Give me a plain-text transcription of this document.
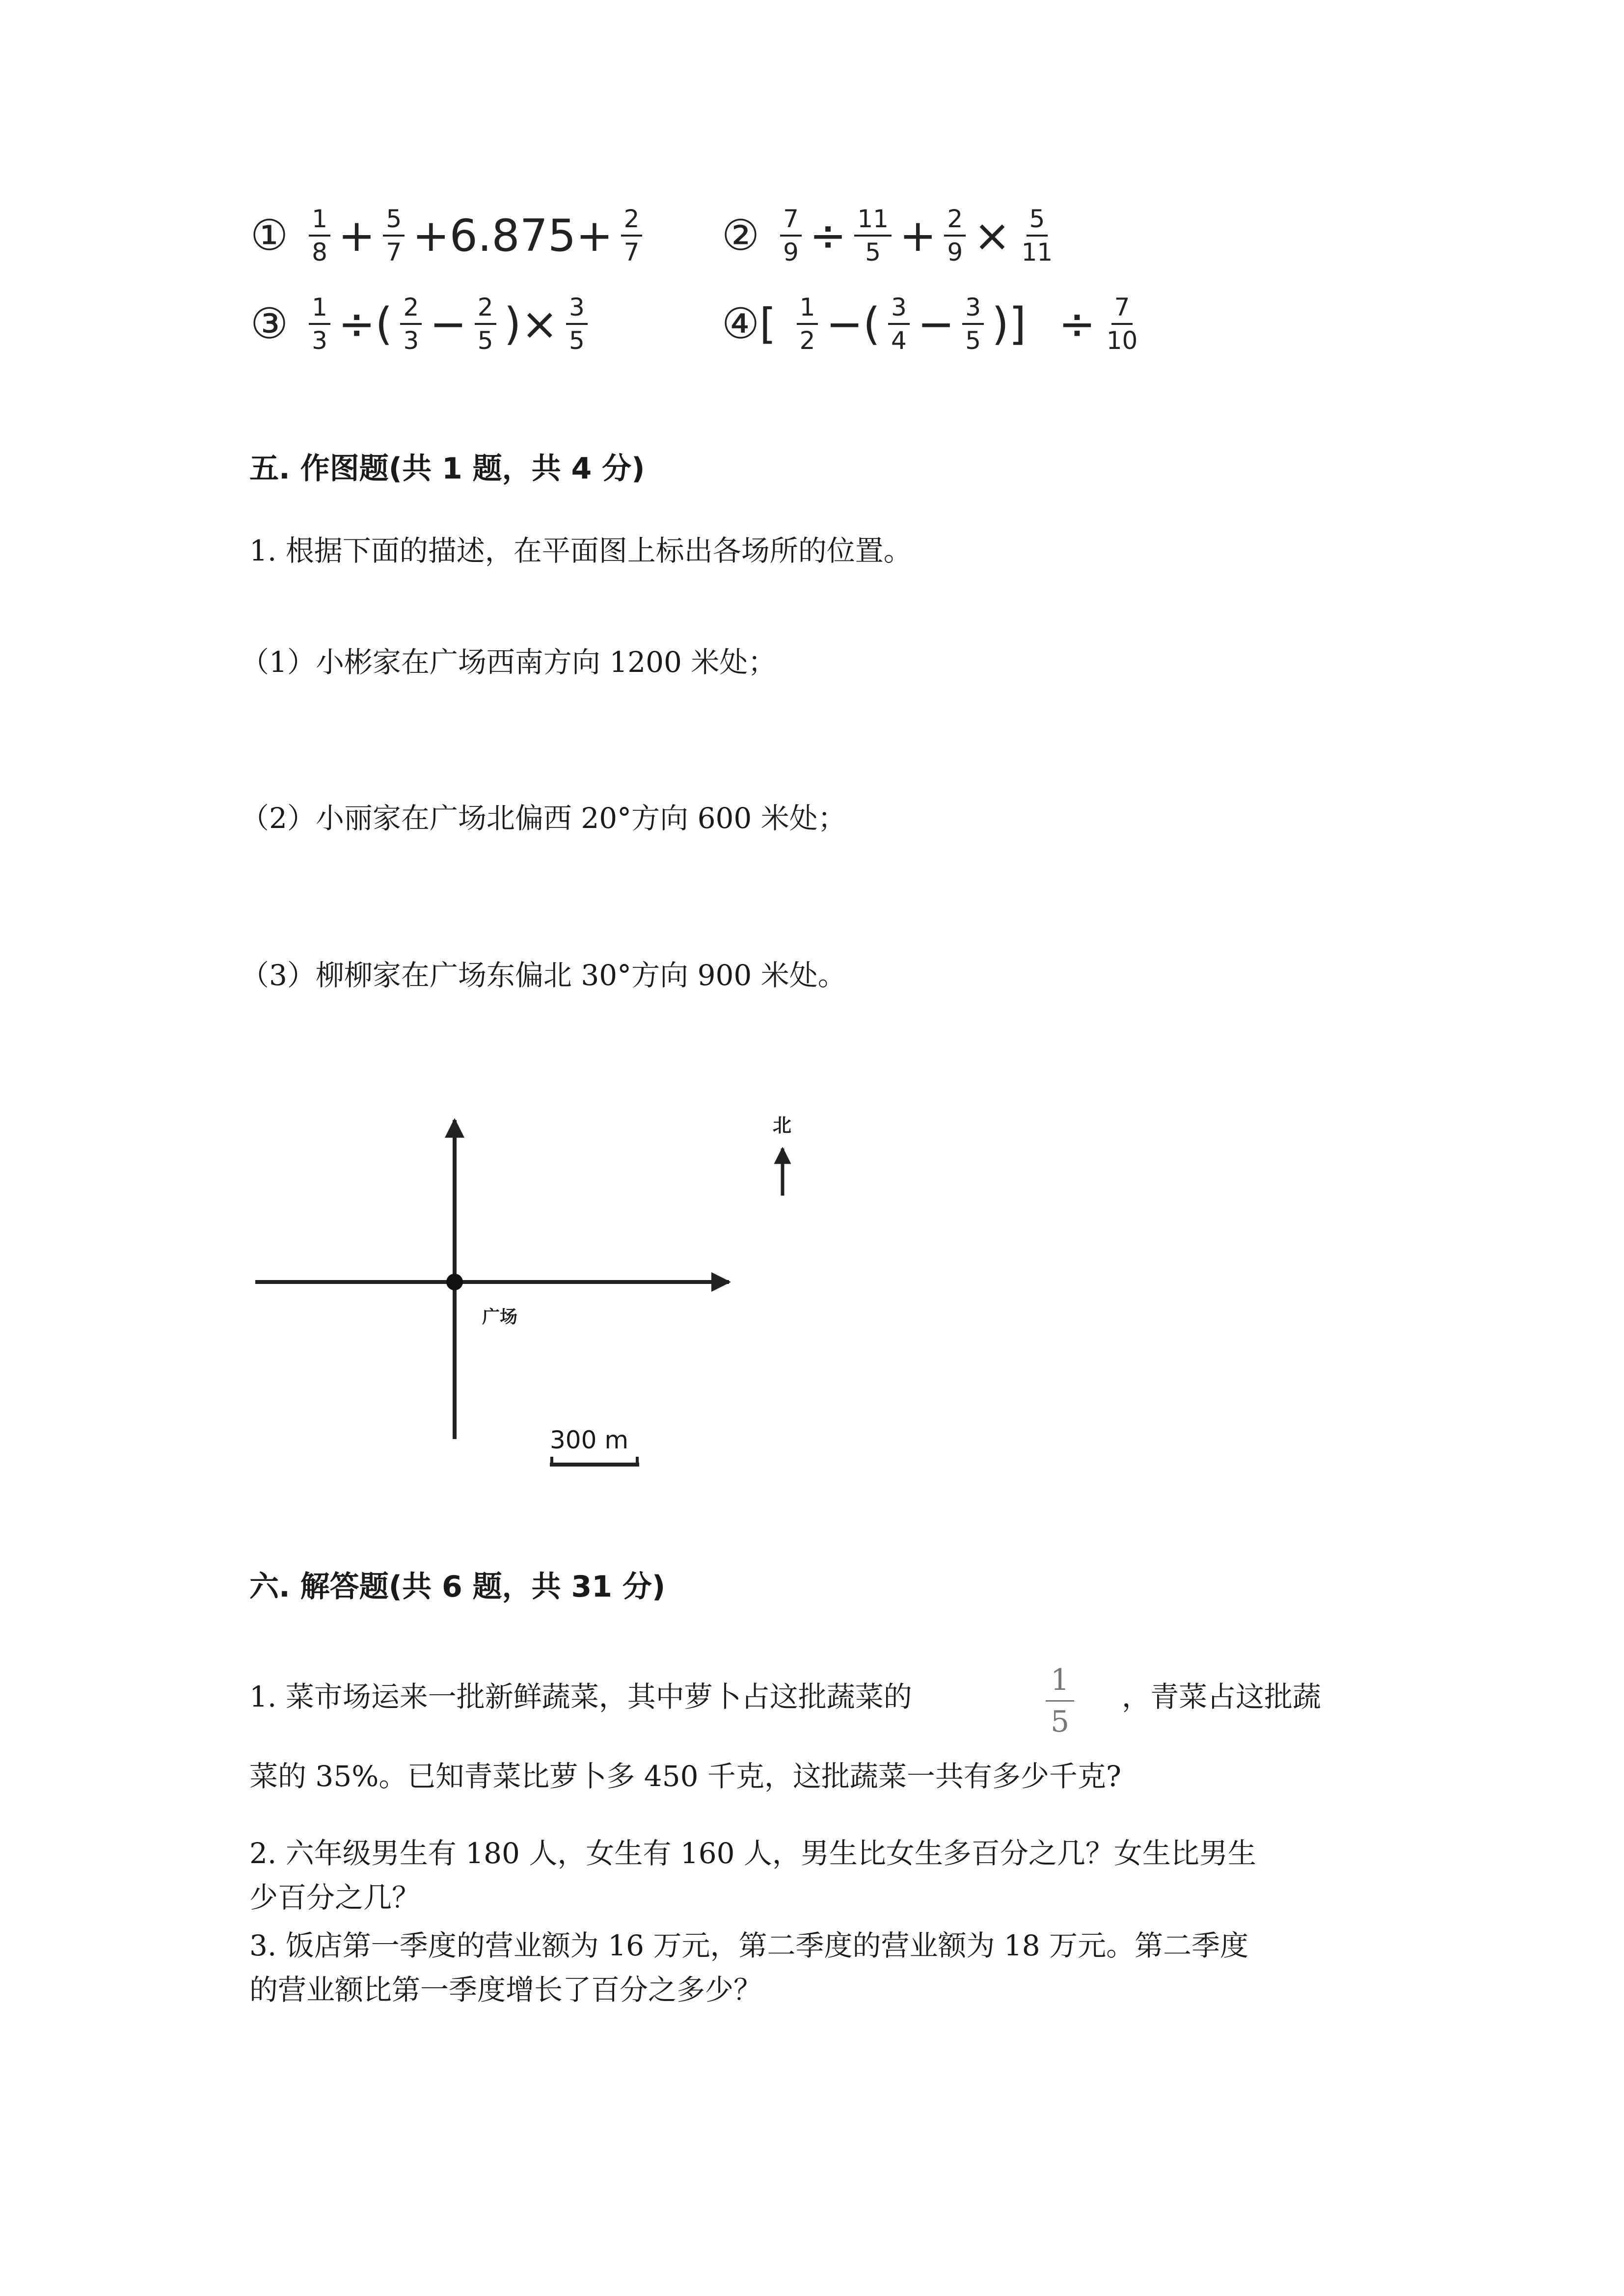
① $\frac{1}{8} + \frac{5}{7} +6.875+ \frac{2}{7}$ ② $\frac{7}{9} \div \frac{11}{5} + \frac{2}{9} \times \frac{5}{11}$
③ $\frac{1}{3}$ ÷( $\frac{2}{3} - \frac{2}{5}$ )× $\frac{3}{5}$	④[ $\frac{1}{2}$ −( $\frac{3}{4} - \frac{3}{5}$ )] ÷ $\frac{7}{10}$
五. 作图题(共 1 题，共 4 分)
1. 根据下面的描述，在平面图上标出各场所的位置。
（1）小彬家在广场西南方向 1200 米处；
（2）小丽家在广场北偏西 20°方向 600 米处；
（3）柳柳家在广场东偏北 30°方向 900 米处。
广场
北
300 m
六. 解答题(共 6 题，共 31 分)
1. 菜市场运来一批新鲜蔬菜，其中萝卜占这批蔬菜的	$\frac{1}{5}$ ，青菜占这批蔬
菜的 35%。已知青菜比萝卜多 450 千克，这批蔬菜一共有多少千克?
2. 六年级男生有 180 人，女生有 160 人，男生比女生多百分之几？女生比男生
少百分之几？
3. 饭店第一季度的营业额为 16 万元，第二季度的营业额为 18 万元。第二季度
的营业额比第一季度增长了百分之多少？
